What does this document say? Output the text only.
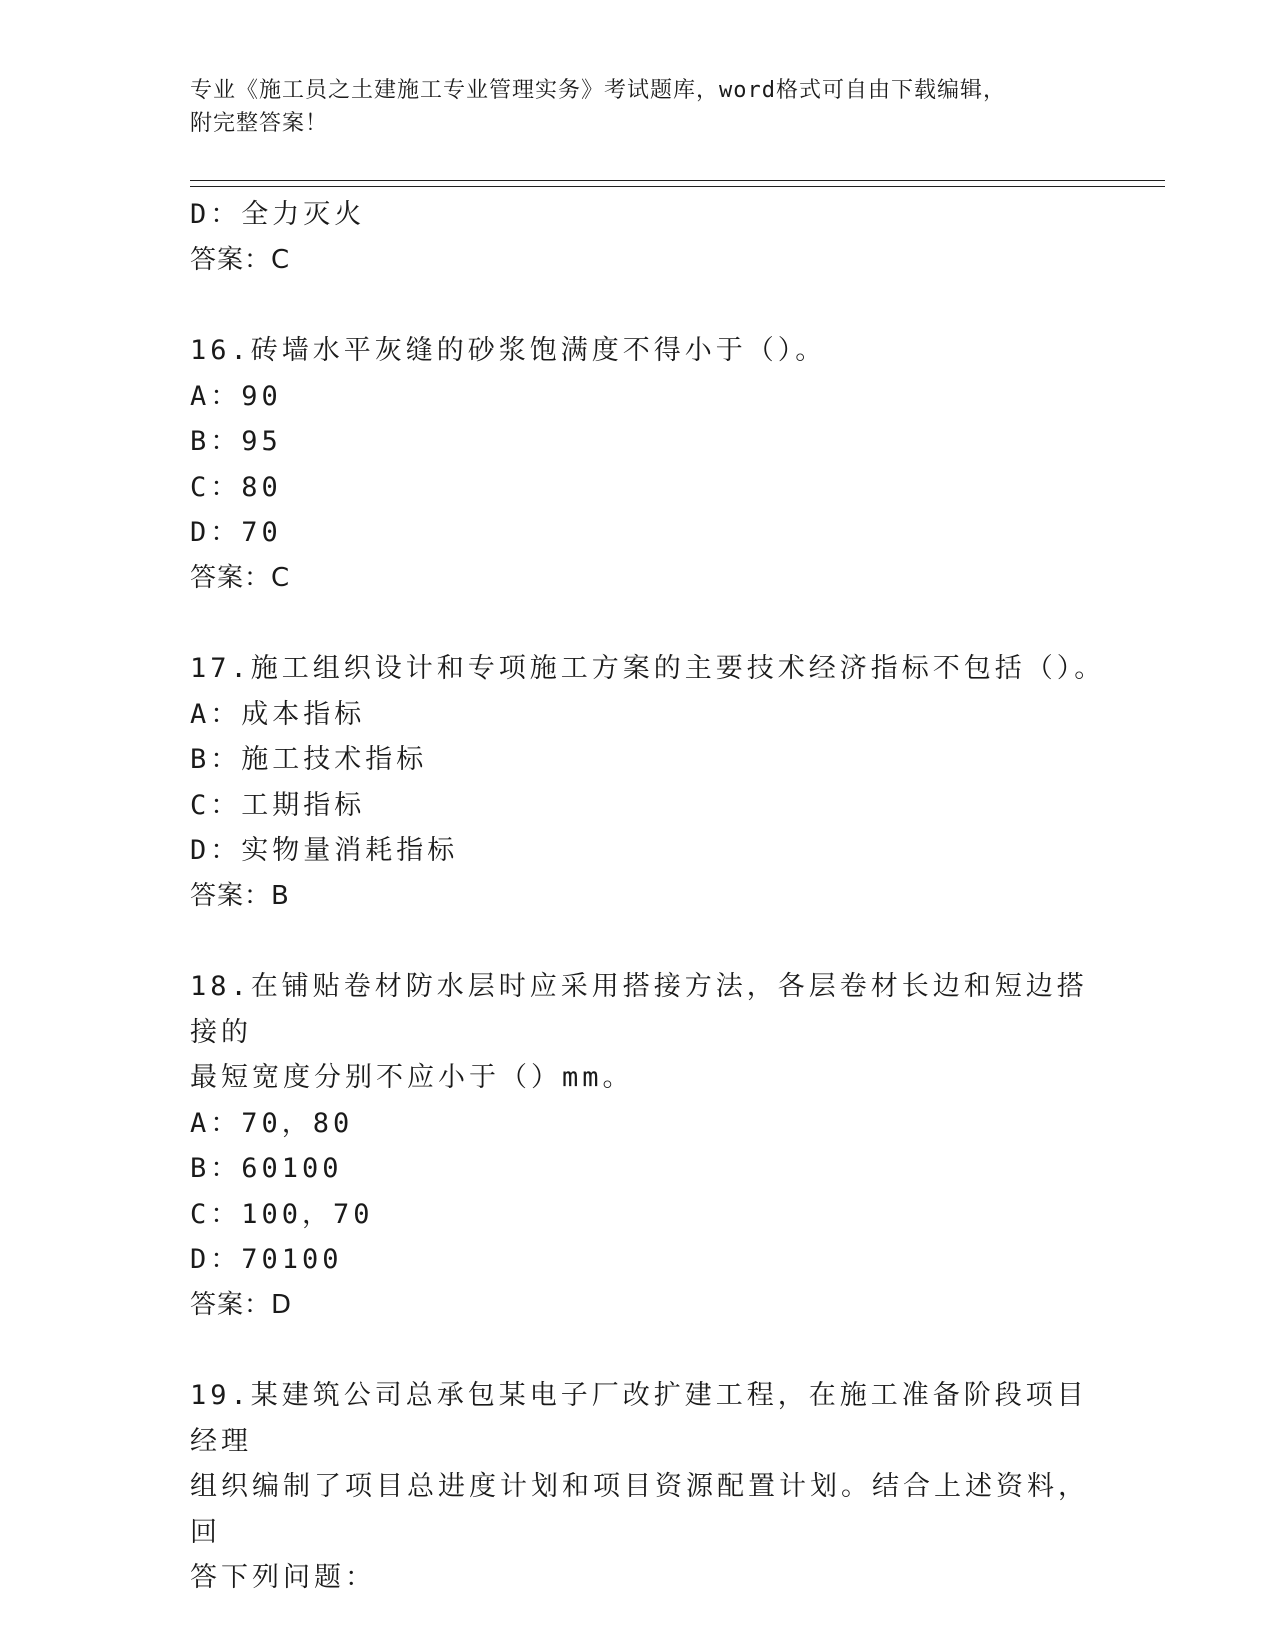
专业《施工员之土建施工专业管理实务》考试题库，word格式可自由下载编辑，
附完整答案！
D：全力灭火
答案：C
16.砖墙水平灰缝的砂浆饱满度不得小于（）。
A：90
B：95
C：80
D：70
答案：C
17.施工组织设计和专项施工方案的主要技术经济指标不包括（）。
A：成本指标
B：施工技术指标
C：工期指标
D：实物量消耗指标
答案：B
18.在铺贴卷材防水层时应采用搭接方法，各层卷材长边和短边搭接的
最短宽度分别不应小于（）mm。
A：70，80
B：60100
C：100，70
D：70100
答案：D
19.某建筑公司总承包某电子厂改扩建工程，在施工准备阶段项目经理
组织编制了项目总进度计划和项目资源配置计划。结合上述资料，回
答下列问题：
